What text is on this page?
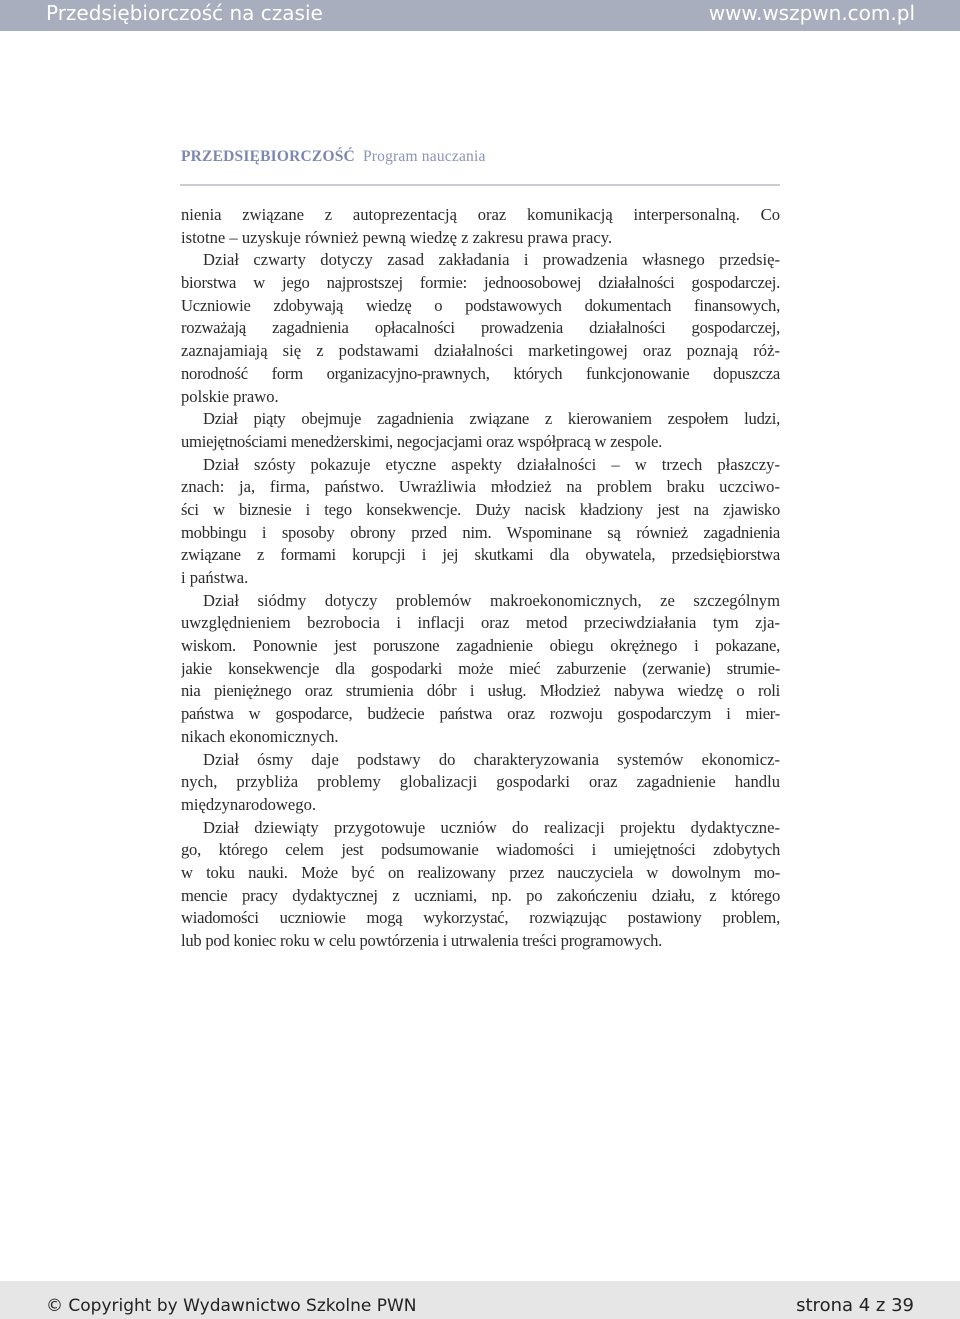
Przedsiębiorczość na czasie	www.wszpwn.com.pl
PRZEDSIĘBIORCZOŚĆ Program nauczania
nienia związane z autoprezentacją oraz komunikacją interpersonalną. Co
istotne – uzyskuje również pewną wiedzę z zakresu prawa pracy.
Dział czwarty dotyczy zasad zakładania i prowadzenia własnego przedsię-
biorstwa w jego najprostszej formie: jednoosobowej działalności gospodarczej.
Uczniowie zdobywają wiedzę o podstawowych dokumentach finansowych,
rozważają zagadnienia opłacalności prowadzenia działalności gospodarczej,
zaznajamiają się z podstawami działalności marketingowej oraz poznają róż-
norodność form organizacyjno-prawnych, których funkcjonowanie dopuszcza
polskie prawo.
Dział piąty obejmuje zagadnienia związane z kierowaniem zespołem ludzi,
umiejętnościami menedżerskimi, negocjacjami oraz współpracą w zespole.
Dział szósty pokazuje etyczne aspekty działalności – w trzech płaszczy-
znach: ja, firma, państwo. Uwrażliwia młodzież na problem braku uczciwo-
ści w biznesie i tego konsekwencje. Duży nacisk kładziony jest na zjawisko
mobbingu i sposoby obrony przed nim. Wspominane są również zagadnienia
związane z formami korupcji i jej skutkami dla obywatela, przedsiębiorstwa
i państwa.
Dział siódmy dotyczy problemów makroekonomicznych, ze szczególnym
uwzględnieniem bezrobocia i inflacji oraz metod przeciwdziałania tym zja-
wiskom. Ponownie jest poruszone zagadnienie obiegu okrężnego i pokazane,
jakie konsekwencje dla gospodarki może mieć zaburzenie (zerwanie) strumie-
nia pieniężnego oraz strumienia dóbr i usług. Młodzież nabywa wiedzę o roli
państwa w gospodarce, budżecie państwa oraz rozwoju gospodarczym i mier-
nikach ekonomicznych.
Dział ósmy daje podstawy do charakteryzowania systemów ekonomicz-
nych, przybliża problemy globalizacji gospodarki oraz zagadnienie handlu
międzynarodowego.
Dział dziewiąty przygotowuje uczniów do realizacji projektu dydaktyczne-
go, którego celem jest podsumowanie wiadomości i umiejętności zdobytych
w toku nauki. Może być on realizowany przez nauczyciela w dowolnym mo-
mencie pracy dydaktycznej z uczniami, np. po zakończeniu działu, z którego
wiadomości uczniowie mogą wykorzystać, rozwiązując postawiony problem,
lub pod koniec roku w celu powtórzenia i utrwalenia treści programowych.
© Copyright by Wydawnictwo Szkolne PWN	strona 4 z 39
